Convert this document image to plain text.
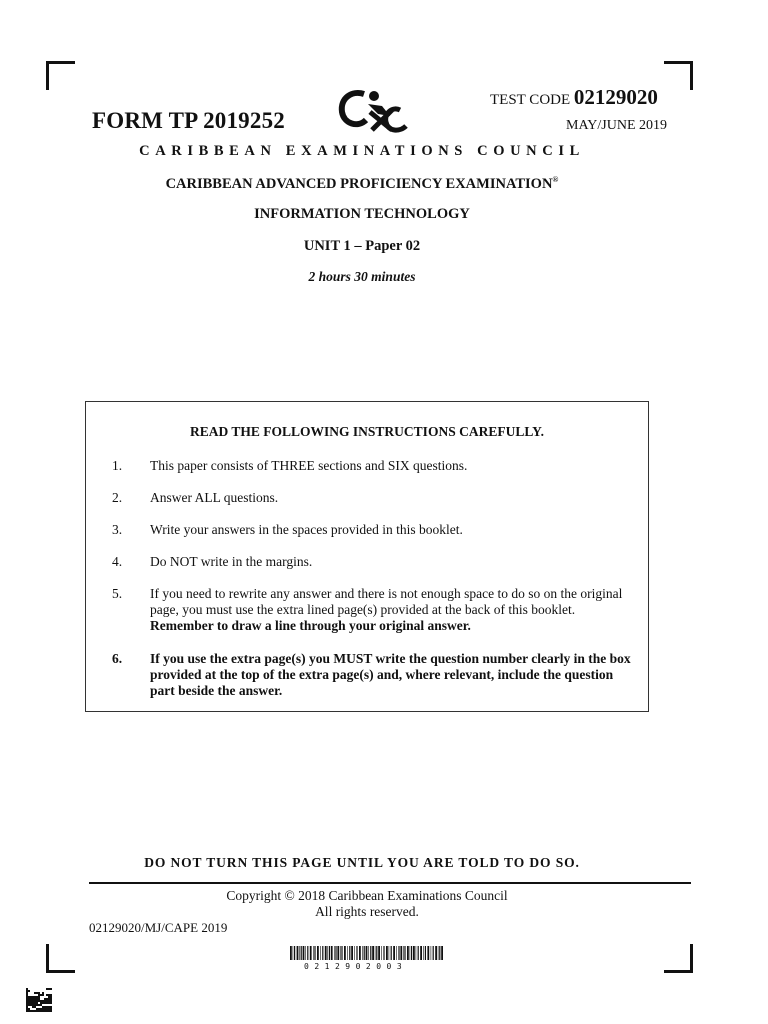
FORM TP 2019252
TEST CODE 02129020
MAY/JUNE 2019
CARIBBEAN EXAMINATIONS COUNCIL
CARIBBEAN ADVANCED PROFICIENCY EXAMINATION®
INFORMATION TECHNOLOGY
UNIT 1 – Paper 02
2 hours 30 minutes
READ THE FOLLOWING INSTRUCTIONS CAREFULLY.
1.	This paper consists of THREE sections and SIX questions.
2.	Answer ALL questions.
3.	Write your answers in the spaces provided in this booklet.
4.	Do NOT write in the margins.
5.	If you need to rewrite any answer and there is not enough space to do so on the original page, you must use the extra lined page(s) provided at the back of this booklet. Remember to draw a line through your original answer.
6.	If you use the extra page(s) you MUST write the question number clearly in the box provided at the top of the extra page(s) and, where relevant, include the question part beside the answer.
DO NOT TURN THIS PAGE UNTIL YOU ARE TOLD TO DO SO.
Copyright © 2018 Caribbean Examinations Council
All rights reserved.
02129020/MJ/CAPE 2019
0212902003
